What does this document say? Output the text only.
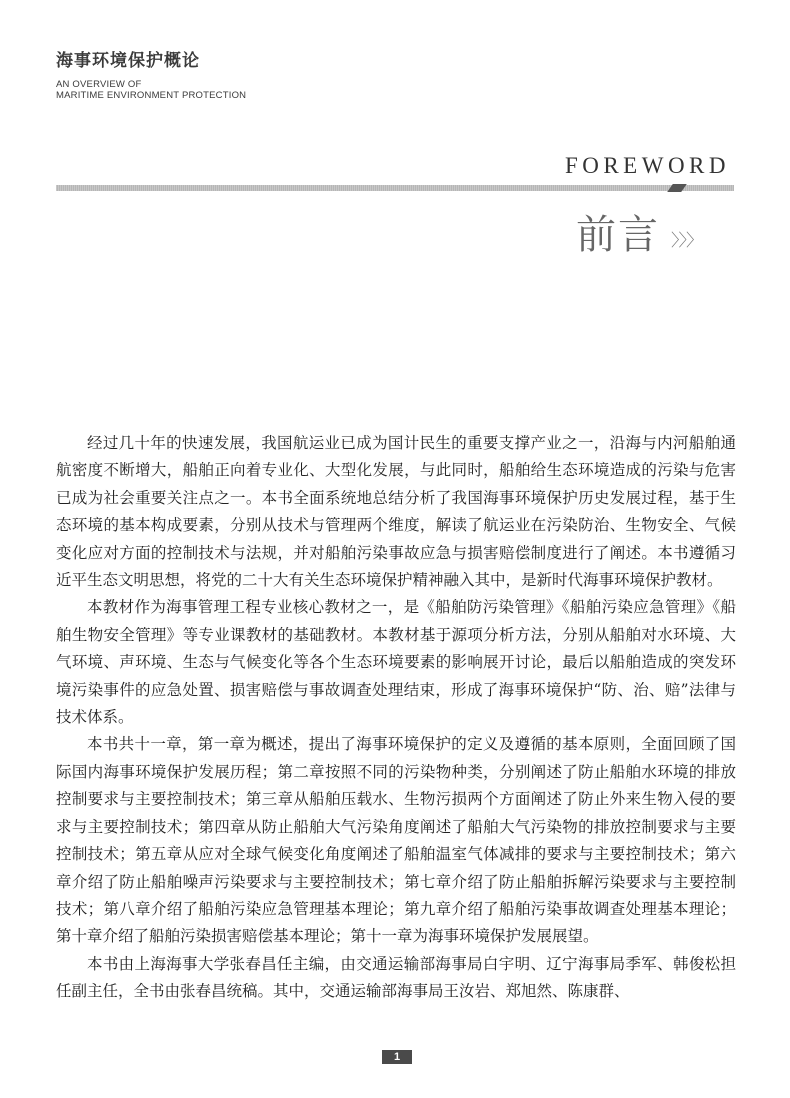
海事环境保护概论
AN OVERVIEW OF
MARITIME ENVIRONMENT PROTECTION
FOREWORD
前言 〉〉〉

经过几十年的快速发展，我国航运业已成为国计民生的重要支撑产业之一，沿海与内河船舶通航密度不断增大，船舶正向着专业化、大型化发展，与此同时，船舶给生态环境造成的污染与危害已成为社会重要关注点之一。本书全面系统地总结分析了我国海事环境保护历史发展过程，基于生态环境的基本构成要素，分别从技术与管理两个维度，解读了航运业在污染防治、生物安全、气候变化应对方面的控制技术与法规，并对船舶污染事故应急与损害赔偿制度进行了阐述。本书遵循习近平生态文明思想，将党的二十大有关生态环境保护精神融入其中，是新时代海事环境保护教材。

本教材作为海事管理工程专业核心教材之一，是《船舶防污染管理》《船舶污染应急管理》《船舶生物安全管理》等专业课教材的基础教材。本教材基于源项分析方法，分别从船舶对水环境、大气环境、声环境、生态与气候变化等各个生态环境要素的影响展开讨论，最后以船舶造成的突发环境污染事件的应急处置、损害赔偿与事故调查处理结束，形成了海事环境保护“防、治、赔”法律与技术体系。

本书共十一章，第一章为概述，提出了海事环境保护的定义及遵循的基本原则，全面回顾了国际国内海事环境保护发展历程；第二章按照不同的污染物种类，分别阐述了防止船舶水环境的排放控制要求与主要控制技术；第三章从船舶压载水、生物污损两个方面阐述了防止外来生物入侵的要求与主要控制技术；第四章从防止船舶大气污染角度阐述了船舶大气污染物的排放控制要求与主要控制技术；第五章从应对全球气候变化角度阐述了船舶温室气体减排的要求与主要控制技术；第六章介绍了防止船舶噪声污染要求与主要控制技术；第七章介绍了防止船舶拆解污染要求与主要控制技术；第八章介绍了船舶污染应急管理基本理论；第九章介绍了船舶污染事故调查处理基本理论；第十章介绍了船舶污染损害赔偿基本理论；第十一章为海事环境保护发展展望。

本书由上海海事大学张春昌任主编，由交通运输部海事局白宇明、辽宁海事局季军、韩俊松担任副主任，全书由张春昌统稿。其中，交通运输部海事局王汝岩、郑旭然、陈康群、

1
